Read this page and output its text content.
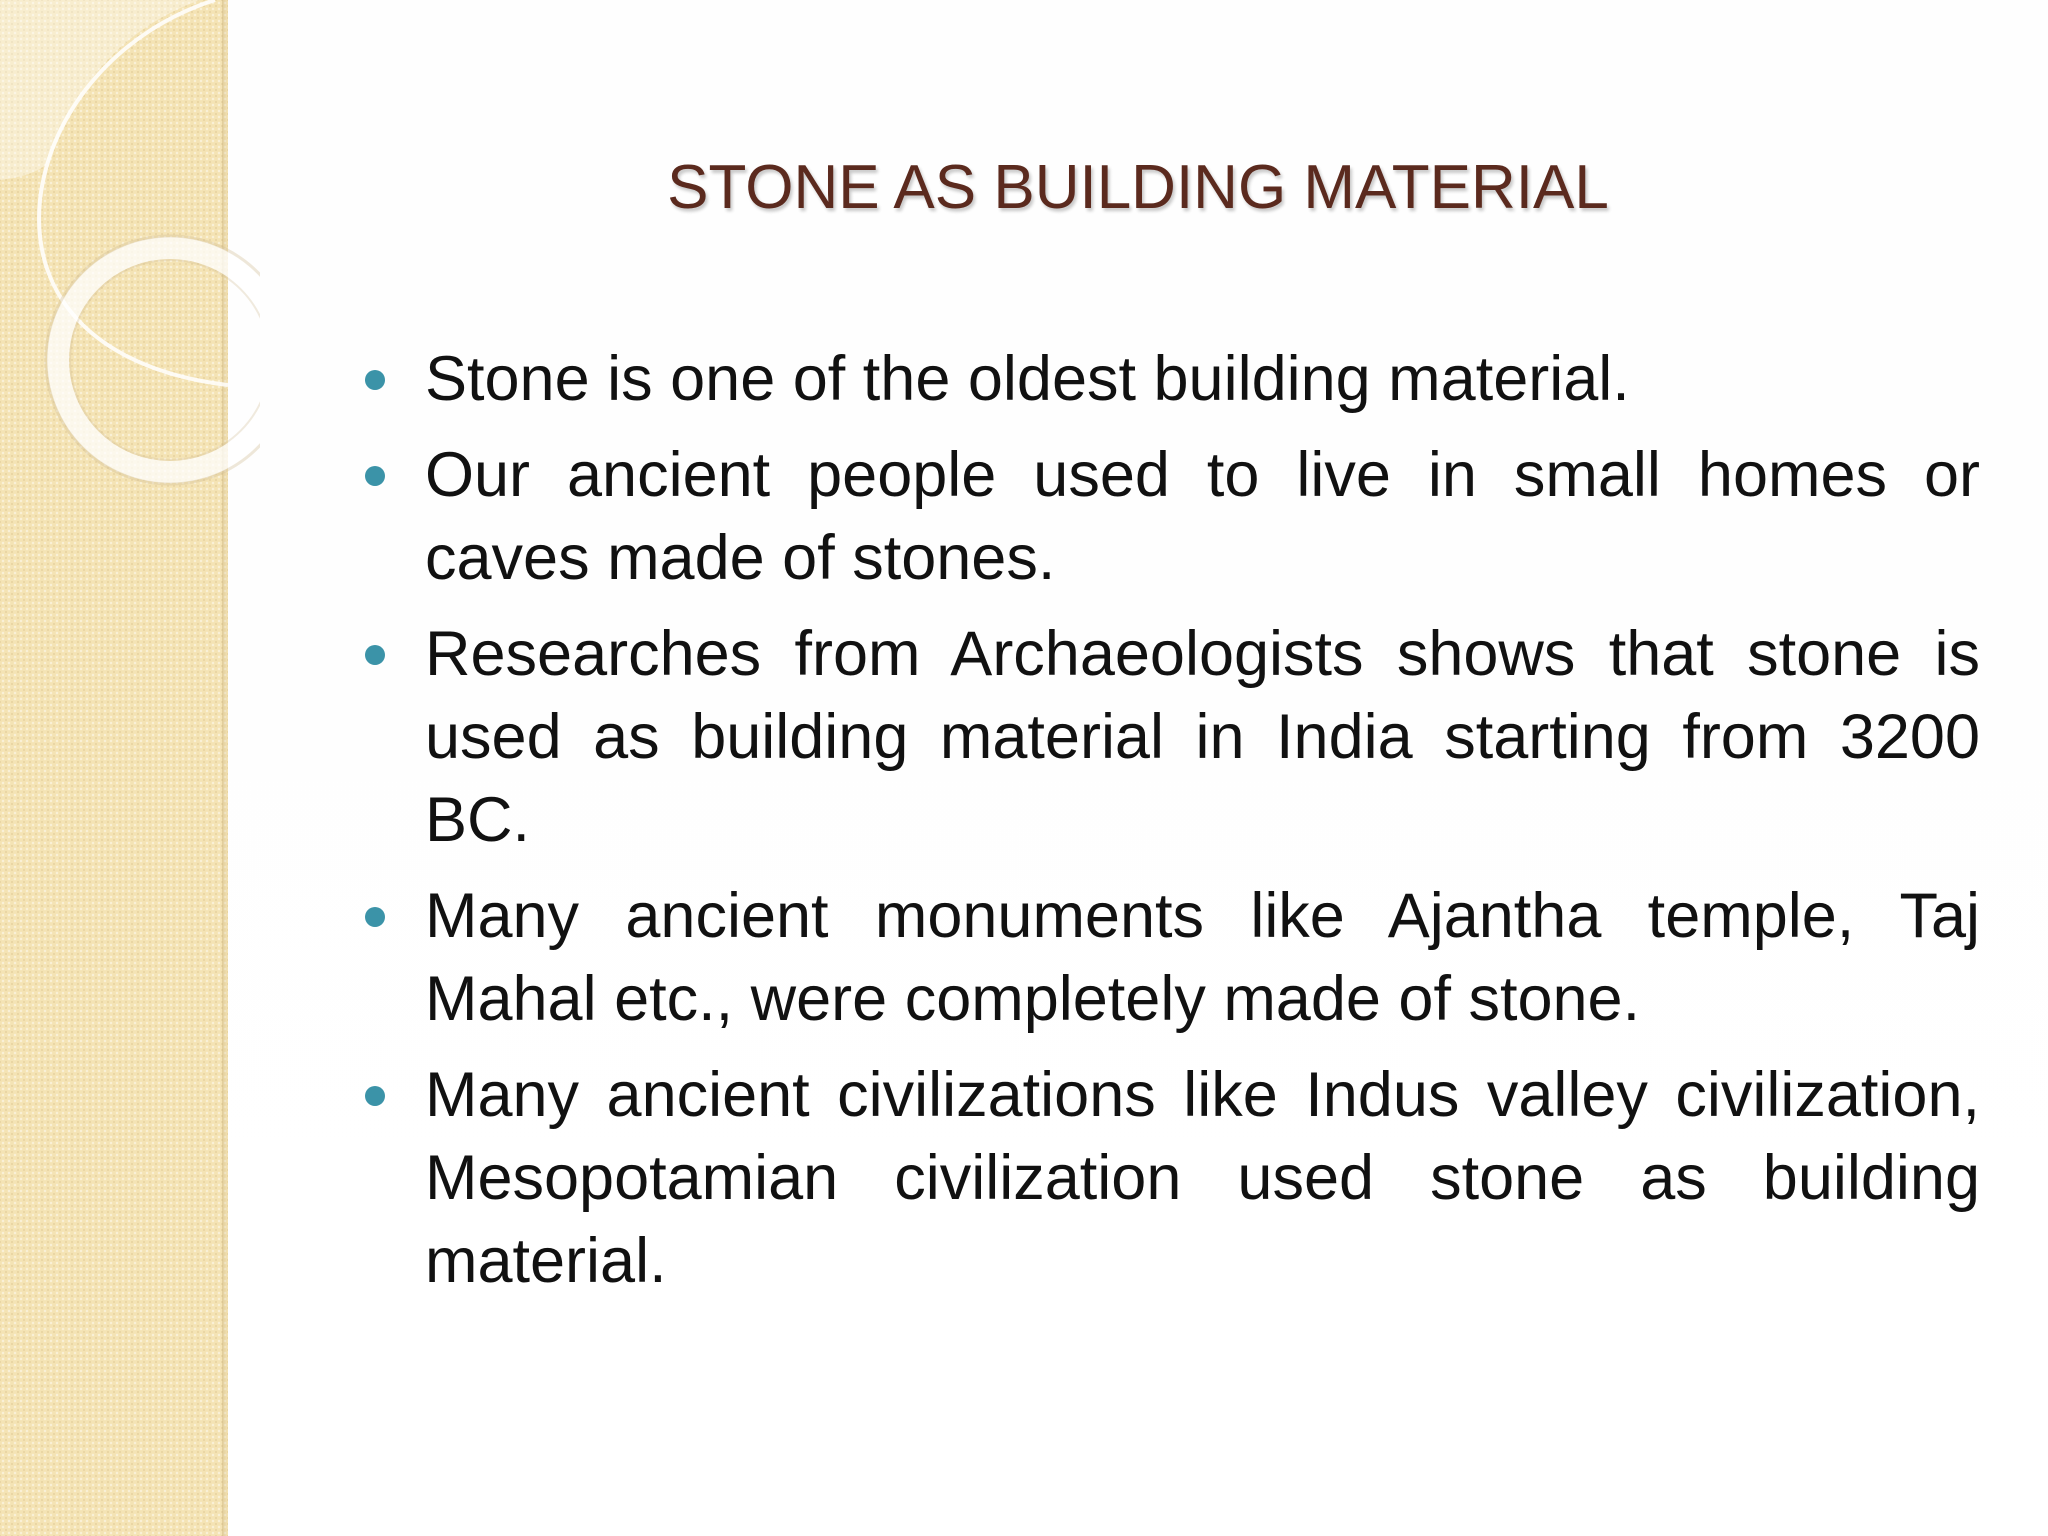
STONE AS BUILDING MATERIAL
Stone is one of the oldest building material.
Our ancient people used to live in small homes or caves made of stones.
Researches from Archaeologists shows that stone is used as building material in India starting from 3200 BC.
Many ancient monuments like Ajantha temple, Taj Mahal etc., were completely made of stone.
Many ancient civilizations like Indus valley civilization, Mesopotamian civilization used stone as building material.
